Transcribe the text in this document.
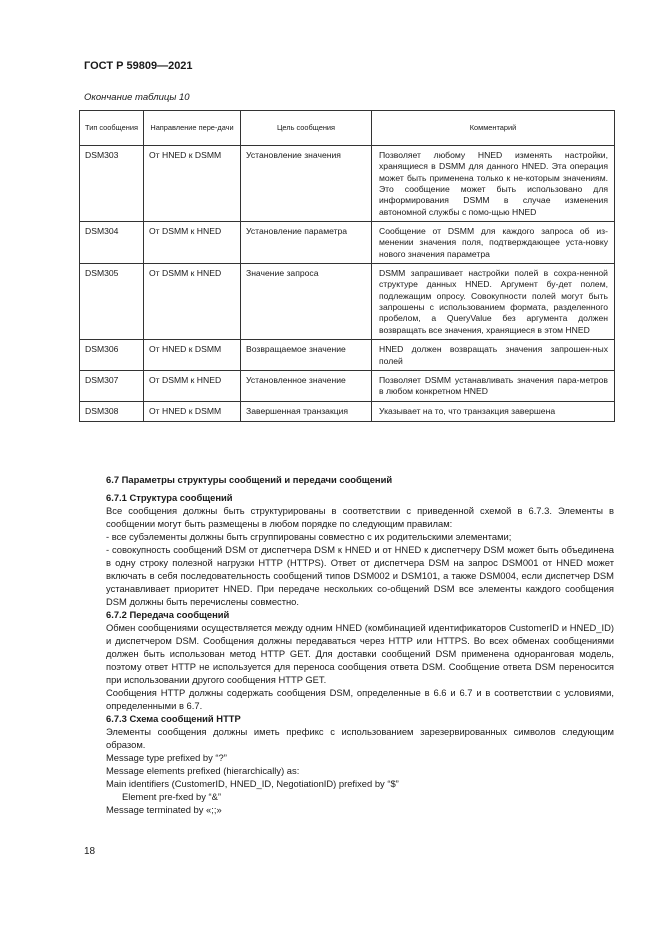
ГОСТ Р 59809—2021
Окончание таблицы 10
Тип сообщения	Направление пере-дачи	Цель сообщения	Комментарий
DSM303	От HNED к DSMM	Установление значения	Позволяет любому HNED изменять настройки, хранящиеся в DSMM для данного HNED. Эта операция может быть применена только к не-которым значениям. Это сообщение может быть использовано для информирования DSMM в случае изменения автономной службы с помо-щью HNED
DSM304	От DSMM к HNED	Установление параметра	Сообщение от DSMM для каждого запроса об из-менении значения поля, подтверждающее уста-новку нового значения параметра
DSM305	От DSMM к HNED	Значение запроса	DSMM запрашивает настройки полей в сохра-ненной структуре данных HNED. Аргумент бу-дет полем, подлежащим опросу. Совокупности полей могут быть запрошены с использованием формата, разделенного пробелом, а QueryValue без аргумента должен возвращать все значения, хранящиеся в этом HNED
DSM306	От HNED к DSMM	Возвращаемое значение	HNED должен возвращать значения запрошен-ных полей
DSM307	От DSMM к HNED	Установленное значение	Позволяет DSMM устанавливать значения пара-метров в любом конкретном HNED
DSM308	От HNED к DSMM	Завершенная транзакция	Указывает на то, что транзакция завершена

6.7 Параметры структуры сообщений и передачи сообщений

6.7.1 Структура сообщений

Все сообщения должны быть структурированы в соответствии с приведенной схемой в 6.7.3. Элементы в сообщении могут быть размещены в любом порядке по следующим правилам:

- все субэлементы должны быть сгруппированы совместно с их родительскими элементами;

- совокупность сообщений DSM от диспетчера DSM к HNED и от HNED к диспетчеру DSM может быть объединена в одну строку полезной нагрузки HTTP (HTTPS). Ответ от диспетчера DSM на запрос DSM001 от HNED может включать в себя последовательность сообщений типов DSM002 и DSM101, а также DSM004, если диспетчер DSM устанавливает приоритет HNED. При передаче нескольких со-общений DSM все элементы каждого сообщения DSM должны быть перечислены совместно.

6.7.2 Передача сообщений

Обмен сообщениями осуществляется между одним HNED (комбинацией идентификаторов CustomerID и HNED_ID) и диспетчером DSM. Сообщения должны передаваться через HTTP или HTTPS. Во всех обменах сообщениями должен быть использован метод HTTP GET. Для доставки сообщений DSM применена одноранговая модель, поэтому ответ HTTP не используется для переноса сообщения ответа DSM. Сообщение ответа DSM переносится при использовании другого сообщения HTTP GET.

Сообщения HTTP должны содержать сообщения DSM, определенные в 6.6 и 6.7 и в соответствии с условиями, определенными в 6.7.

6.7.3 Схема сообщений HTTP

Элементы сообщения должны иметь префикс с использованием зарезервированных символов следующим образом.

Message type prefixed by “?”

Message elements prefixed (hierarchically) as:

Main identifiers (CustomerID, HNED_ID, NegotiationID) prefixed by “$”

Element pre-fxed by “&”

Message terminated by «;;»

18
